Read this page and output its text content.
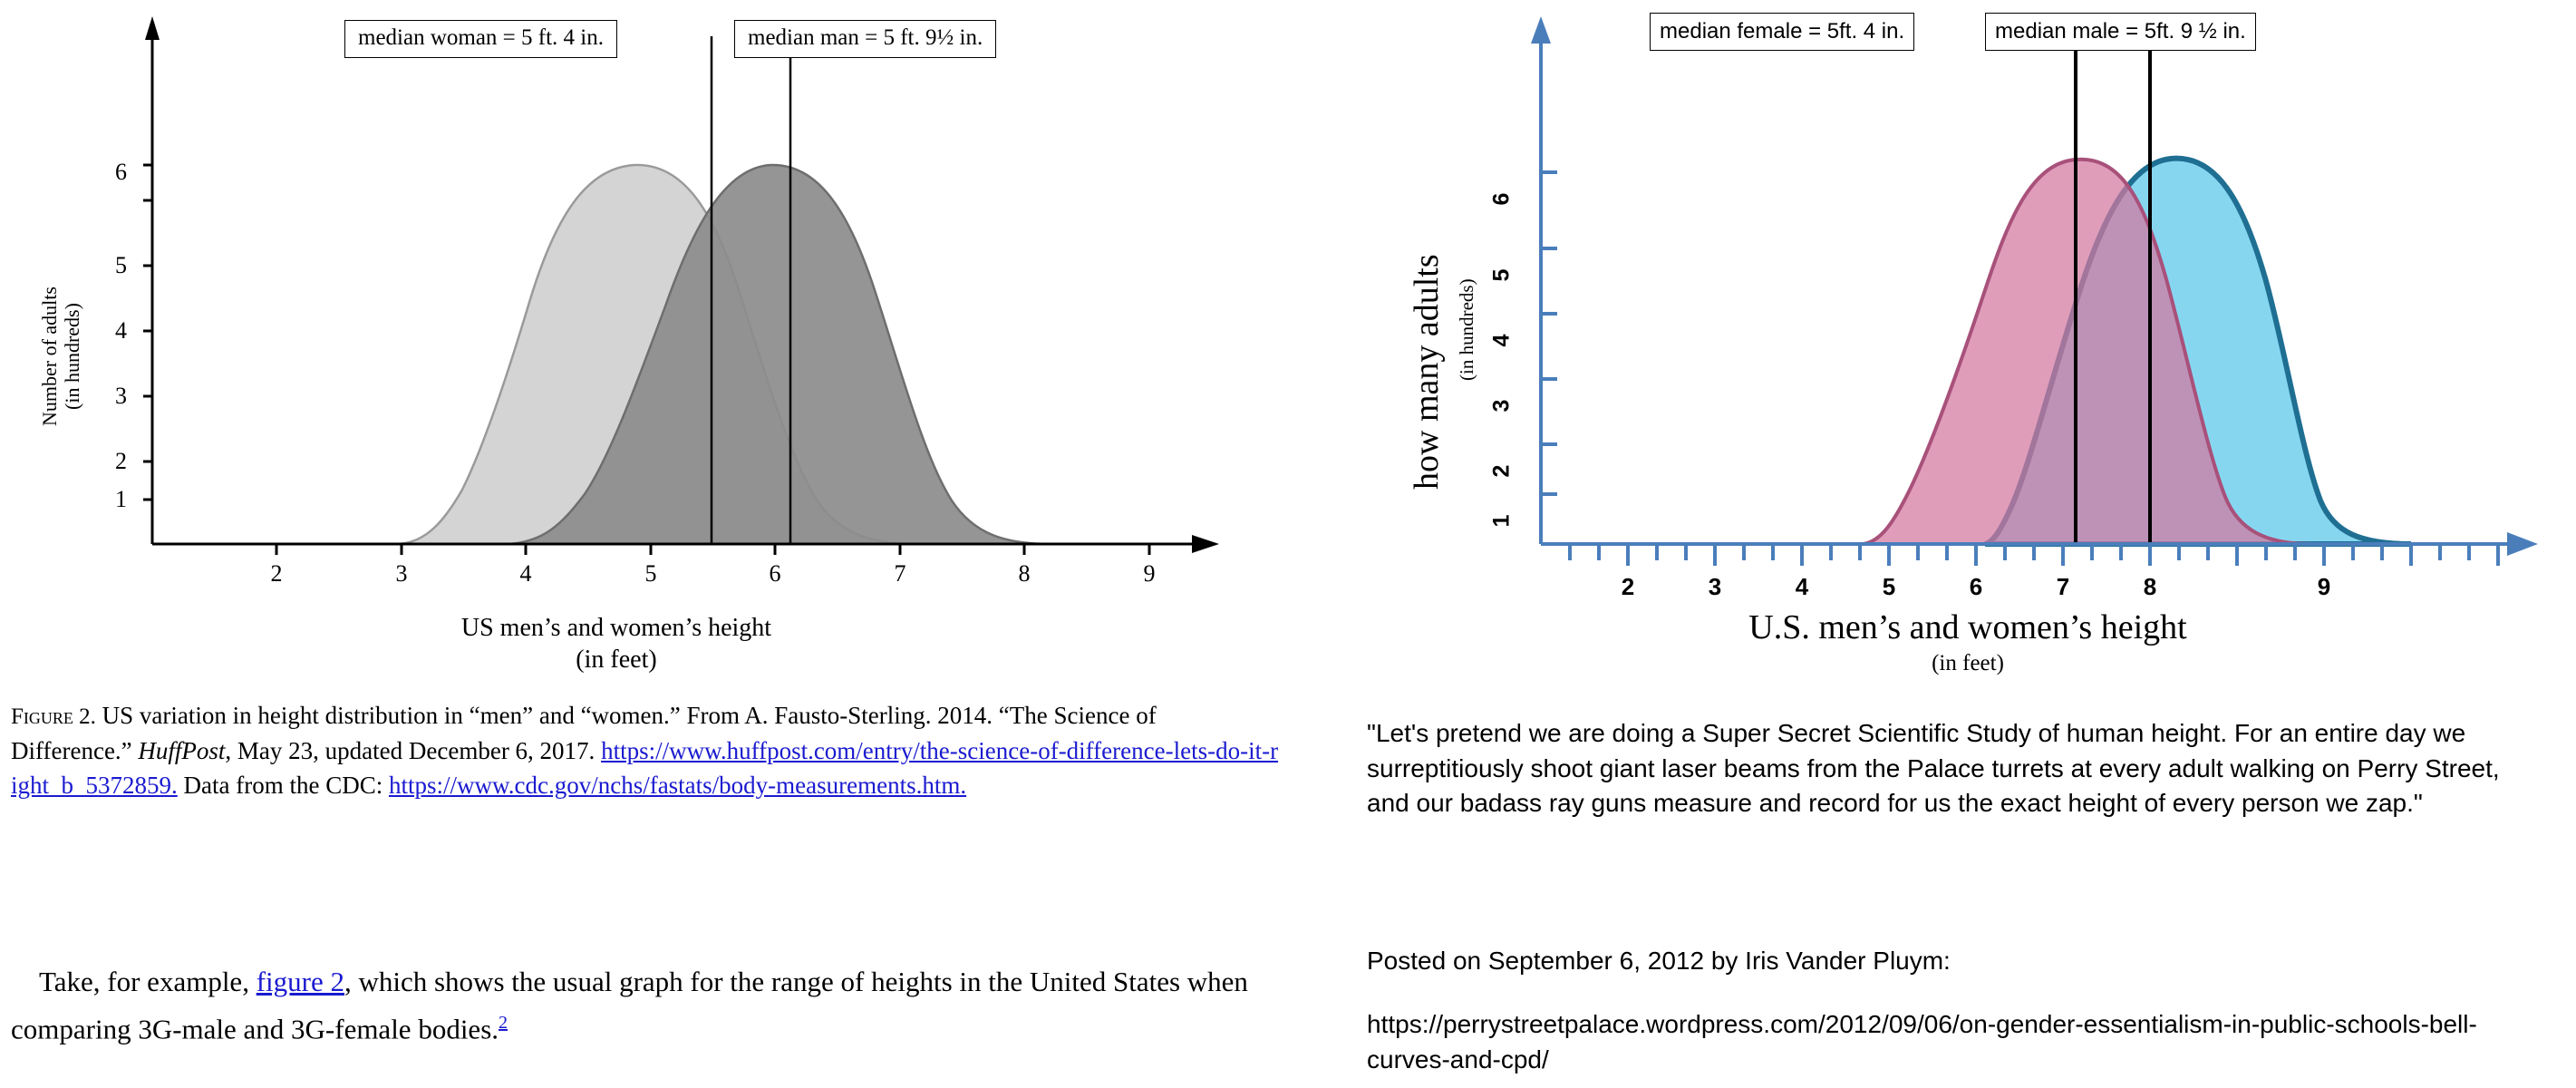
median woman = 5 ft. 4 in.	median man = 5 ft. 9½ in.
1
2
3
4
5
6
2	3	4	5	6	7	8	9
Number of adults (in hundreds)
US men’s and women’s height
(in feet)
Figure 2. US variation in height distribution in “men” and “women.” From A. Fausto-Sterling. 2014. “The Science of Difference.” HuffPost, May 23, updated December 6, 2017. https://www.huffpost.com/entry/the-science-of-difference-lets-do-it-right_b_5372859. Data from the CDC: https://www.cdc.gov/nchs/fastats/body-measurements.htm.
Take, for example, figure 2, which shows the usual graph for the range of heights in the United States when comparing 3G-male and 3G-female bodies.$^2$
median female = 5ft. 4 in.	median male = 5ft. 9 ½ in.
1
2
3
4
5
6
2	3	4	5	6	7	8	9
how many adults (in hundreds)
U.S. men’s and women’s height
(in feet)
"Let's pretend we are doing a Super Secret Scientific Study of human height. For an entire day we surreptitiously shoot giant laser beams from the Palace turrets at every adult walking on Perry Street, and our badass ray guns measure and record for us the exact height of every person we zap."
Posted on September 6, 2012 by Iris Vander Pluym:
https://perrystreetpalace.wordpress.com/2012/09/06/on-gender-essentialism-in-public-schools-bell-curves-and-cpd/
